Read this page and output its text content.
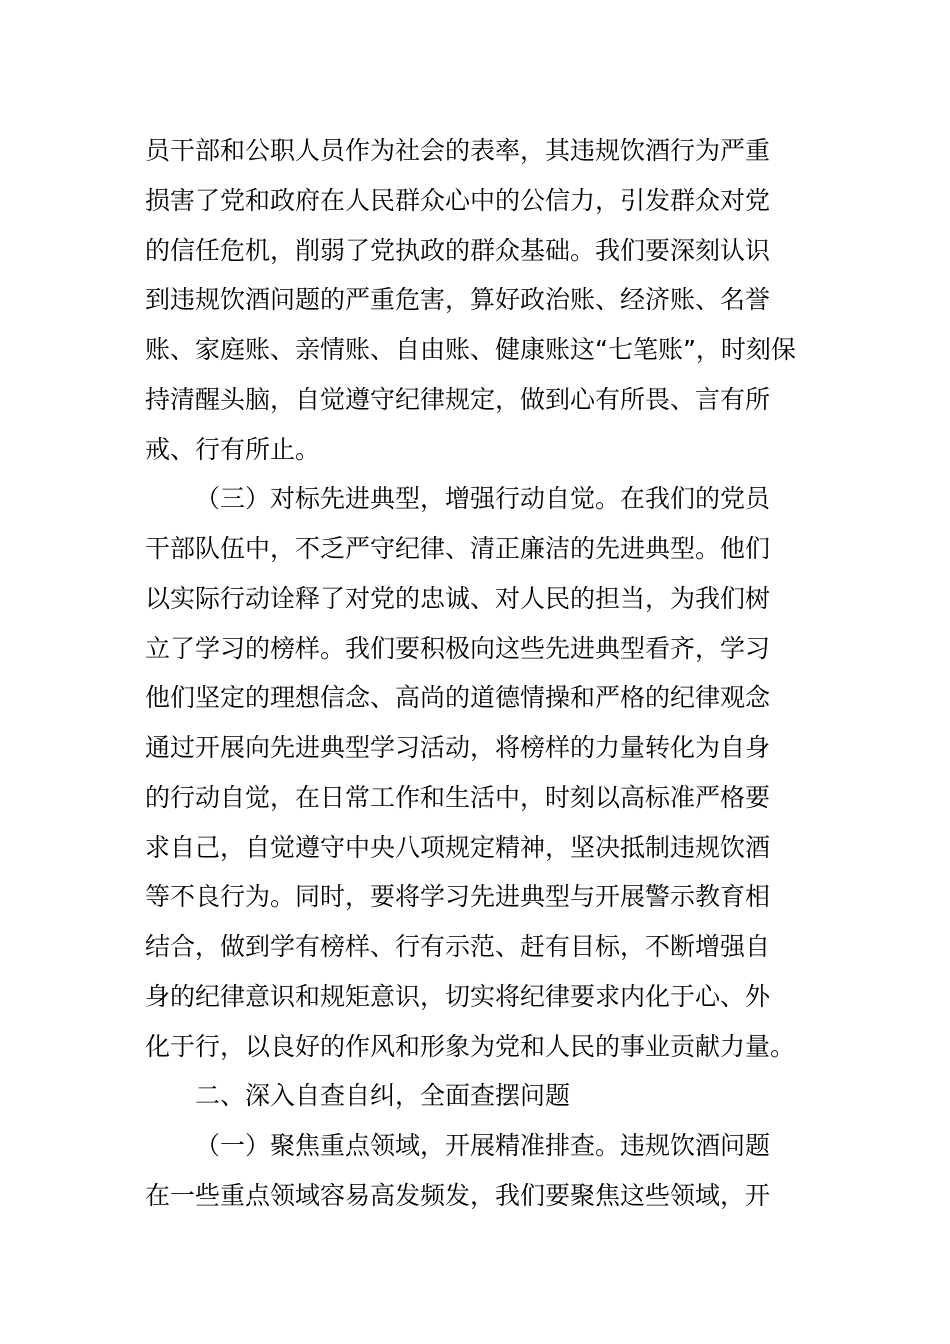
员干部和公职人员作为社会的表率，其违规饮酒行为严重
损害了党和政府在人民群众心中的公信力，引发群众对党
的信任危机，削弱了党执政的群众基础。我们要深刻认识
到违规饮酒问题的严重危害，算好政治账、经济账、名誉
账、家庭账、亲情账、自由账、健康账这“七笔账”，时刻保
持清醒头脑，自觉遵守纪律规定，做到心有所畏、言有所
戒、行有所止。
（三）对标先进典型，增强行动自觉。在我们的党员
干部队伍中，不乏严守纪律、清正廉洁的先进典型。他们
以实际行动诠释了对党的忠诚、对人民的担当，为我们树
立了学习的榜样。我们要积极向这些先进典型看齐，学习
他们坚定的理想信念、高尚的道德情操和严格的纪律观念
通过开展向先进典型学习活动，将榜样的力量转化为自身
的行动自觉，在日常工作和生活中，时刻以高标准严格要
求自己，自觉遵守中央八项规定精神，坚决抵制违规饮酒
等不良行为。同时，要将学习先进典型与开展警示教育相
结合，做到学有榜样、行有示范、赶有目标，不断增强自
身的纪律意识和规矩意识，切实将纪律要求内化于心、外
化于行，以良好的作风和形象为党和人民的事业贡献力量。
二、深入自查自纠，全面查摆问题
（一）聚焦重点领域，开展精准排查。违规饮酒问题
在一些重点领域容易高发频发，我们要聚焦这些领域，开
